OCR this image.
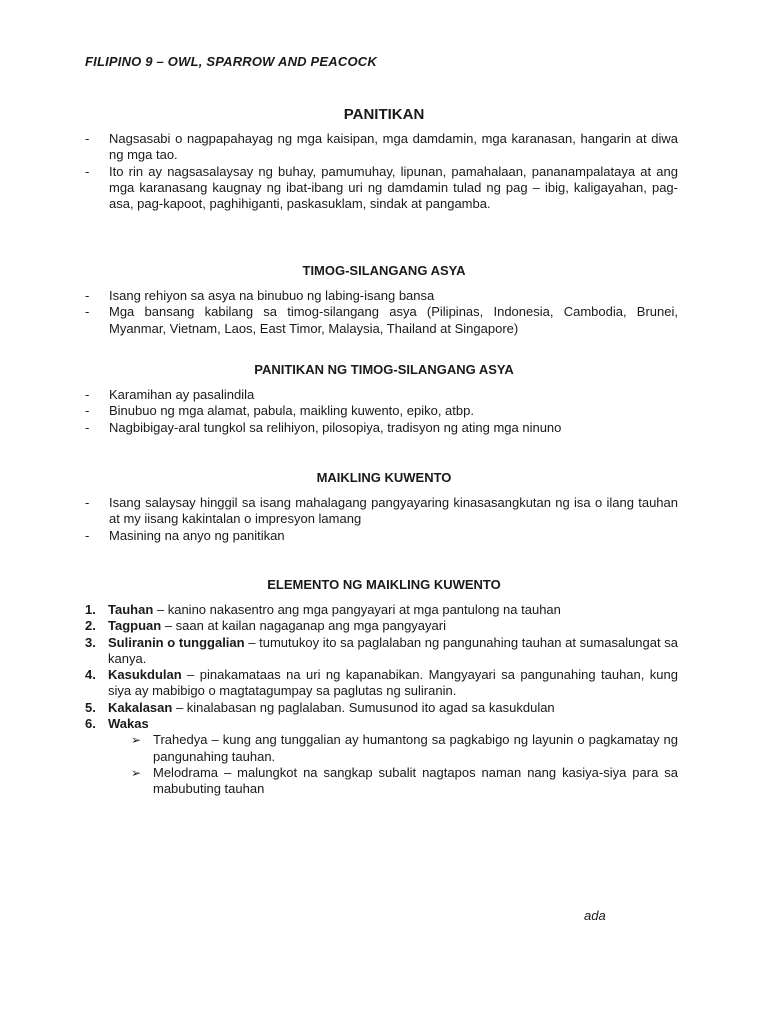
FILIPINO 9 – OWL, SPARROW AND PEACOCK
PANITIKAN
- Nagsasabi o nagpapahayag ng mga kaisipan, mga damdamin, mga karanasan, hangarin at diwa ng mga tao.
- Ito rin ay nagsasalaysay ng buhay, pamumuhay, lipunan, pamahalaan, pananampalataya at ang mga karanasang kaugnay ng ibat-ibang uri ng damdamin tulad ng pag – ibig, kaligayahan, pag-asa, pag-kapoot, paghihiganti, paskasuklam, sindak at pangamba.
TIMOG-SILANGANG ASYA
- Isang rehiyon sa asya na binubuo ng labing-isang bansa
- Mga bansang kabilang sa timog-silangang asya (Pilipinas, Indonesia, Cambodia, Brunei, Myanmar, Vietnam, Laos, East Timor, Malaysia, Thailand at Singapore)
PANITIKAN NG TIMOG-SILANGANG ASYA
- Karamihan ay pasalindila
- Binubuo ng mga alamat, pabula, maikling kuwento, epiko, atbp.
- Nagbibigay-aral tungkol sa relihiyon, pilosopiya, tradisyon ng ating mga ninuno
MAIKLING KUWENTO
- Isang salaysay hinggil sa isang mahalagang pangyayaring kinasasangkutan ng isa o ilang tauhan at my iisang kakintalan o impresyon lamang
- Masining na anyo ng panitikan
ELEMENTO NG MAIKLING KUWENTO
1. Tauhan – kanino nakasentro ang mga pangyayari at mga pantulong na tauhan
2. Tagpuan – saan at kailan nagaganap ang mga pangyayari
3. Suliranin o tunggalian – tumutukoy ito sa paglalaban ng pangunahing tauhan at sumasalungat sa kanya.
4. Kasukdulan – pinakamataas na uri ng kapanabikan. Mangyayari sa pangunahing tauhan, kung siya ay mabibigo o magtatagumpay sa paglutas ng suliranin.
5. Kakalasan – kinalabasan ng paglalaban. Sumusunod ito agad sa kasukdulan
6. Wakas
➢ Trahedya – kung ang tunggalian ay humantong sa pagkabigo ng layunin o pagkamatay ng pangunahing tauhan.
➢ Melodrama – malungkot na sangkap subalit nagtapos naman nang kasiya-siya para sa mabubuting tauhan
ada
